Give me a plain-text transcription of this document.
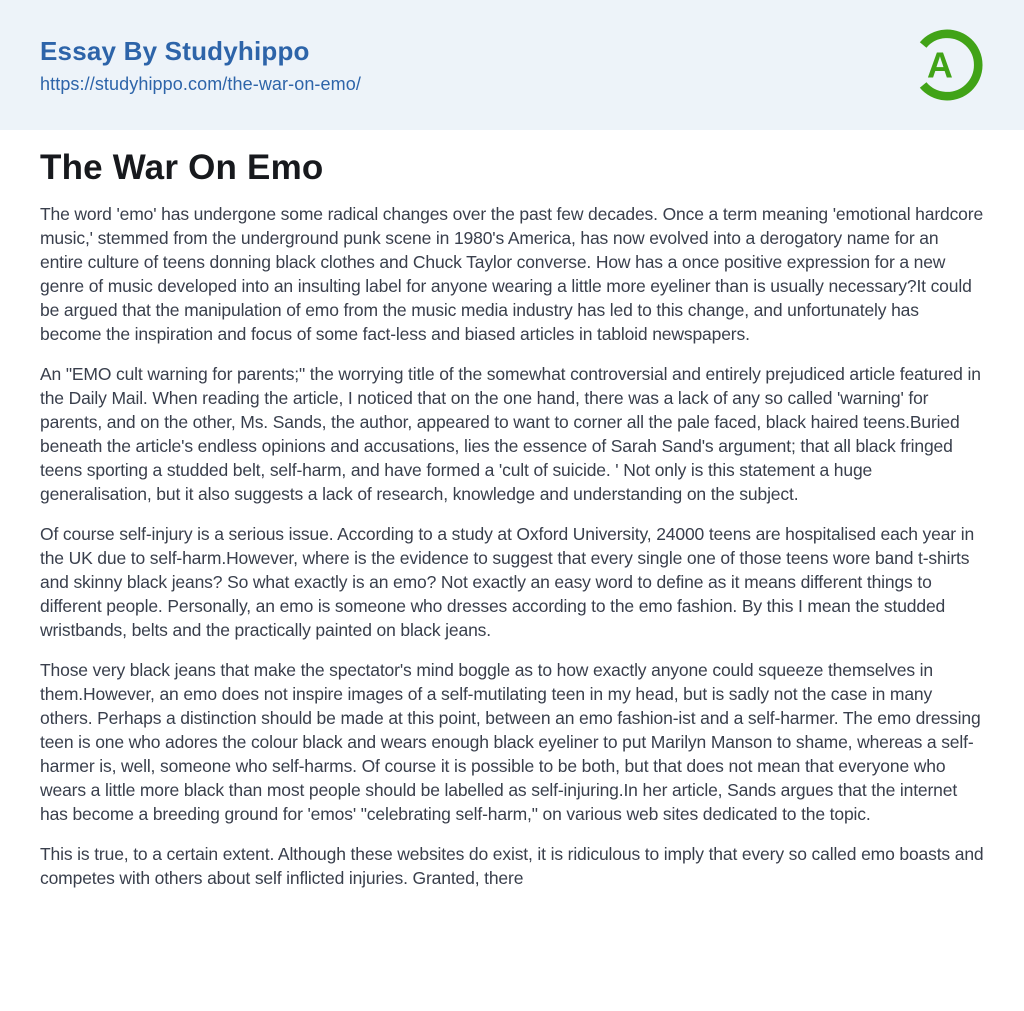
Essay By Studyhippo
https://studyhippo.com/the-war-on-emo/	A
The War On Emo

The word 'emo' has undergone some radical changes over the past few decades. Once a term meaning 'emotional hardcore music,' stemmed from the underground punk scene in 1980's America, has now evolved into a derogatory name for an entire culture of teens donning black clothes and Chuck Taylor converse. How has a once positive expression for a new genre of music developed into an insulting label for anyone wearing a little more eyeliner than is usually necessary?It could be argued that the manipulation of emo from the music media industry has led to this change, and unfortunately has become the inspiration and focus of some fact-less and biased articles in tabloid newspapers.

An "EMO cult warning for parents;" the worrying title of the somewhat controversial and entirely prejudiced article featured in the Daily Mail. When reading the article, I noticed that on the one hand, there was a lack of any so called 'warning' for parents, and on the other, Ms. Sands, the author, appeared to want to corner all the pale faced, black haired teens.Buried beneath the article's endless opinions and accusations, lies the essence of Sarah Sand's argument; that all black fringed teens sporting a studded belt, self-harm, and have formed a 'cult of suicide. ' Not only is this statement a huge generalisation, but it also suggests a lack of research, knowledge and understanding on the subject.

Of course self-injury is a serious issue. According to a study at Oxford University, 24000 teens are hospitalised each year in the UK due to self-harm.However, where is the evidence to suggest that every single one of those teens wore band t-shirts and skinny black jeans? So what exactly is an emo? Not exactly an easy word to define as it means different things to different people. Personally, an emo is someone who dresses according to the emo fashion. By this I mean the studded wristbands, belts and the practically painted on black jeans.

Those very black jeans that make the spectator's mind boggle as to how exactly anyone could squeeze themselves in them.However, an emo does not inspire images of a self-mutilating teen in my head, but is sadly not the case in many others. Perhaps a distinction should be made at this point, between an emo fashion-ist and a self-harmer. The emo dressing teen is one who adores the colour black and wears enough black eyeliner to put Marilyn Manson to shame, whereas a self-harmer is, well, someone who self-harms. Of course it is possible to be both, but that does not mean that everyone who wears a little more black than most people should be labelled as self-injuring.In her article, Sands argues that the internet has become a breeding ground for 'emos' "celebrating self-harm," on various web sites dedicated to the topic.

This is true, to a certain extent. Although these websites do exist, it is ridiculous to imply that every so called emo boasts and competes with others about self inflicted injuries. Granted, there
